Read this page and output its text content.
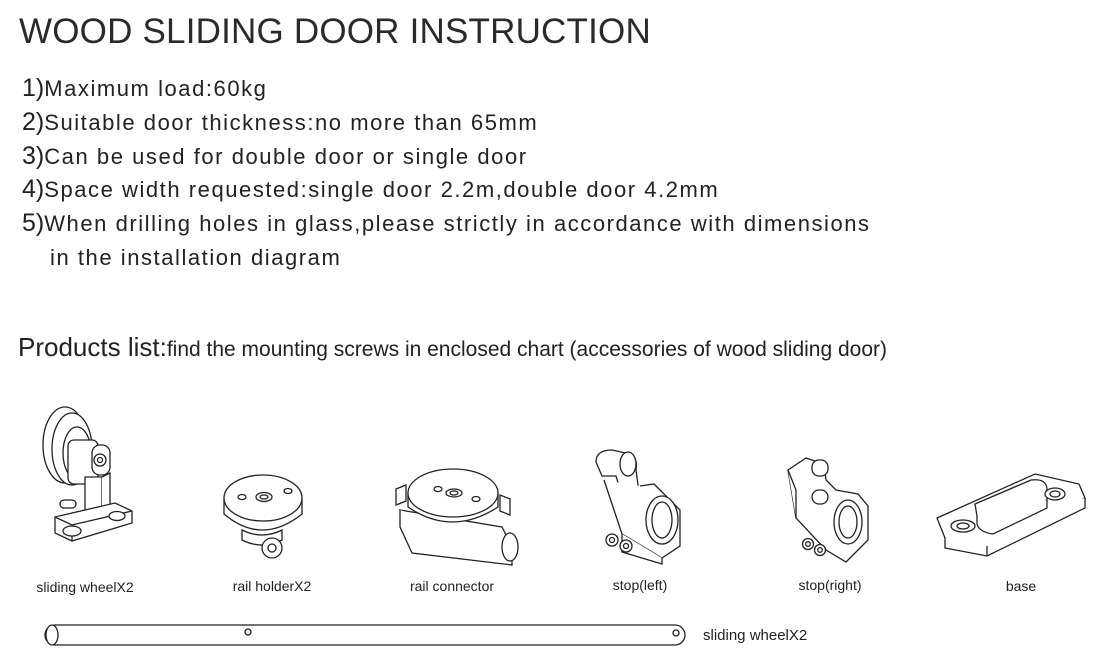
WOOD SLIDING DOOR INSTRUCTION
1)Maximum load:60kg
2)Suitable door thickness:no more than 65mm
3)Can be used for double door or single door
4)Space width requested:single door 2.2m,double door 4.2mm
5)When drilling holes in glass,please strictly in accordance with dimensions
in the installation diagram
Products list:find the mounting screws in enclosed chart (accessories of wood sliding door)
sliding wheelX2	rail holderX2	rail connector	stop(left)	stop(right)	base
sliding wheelX2
